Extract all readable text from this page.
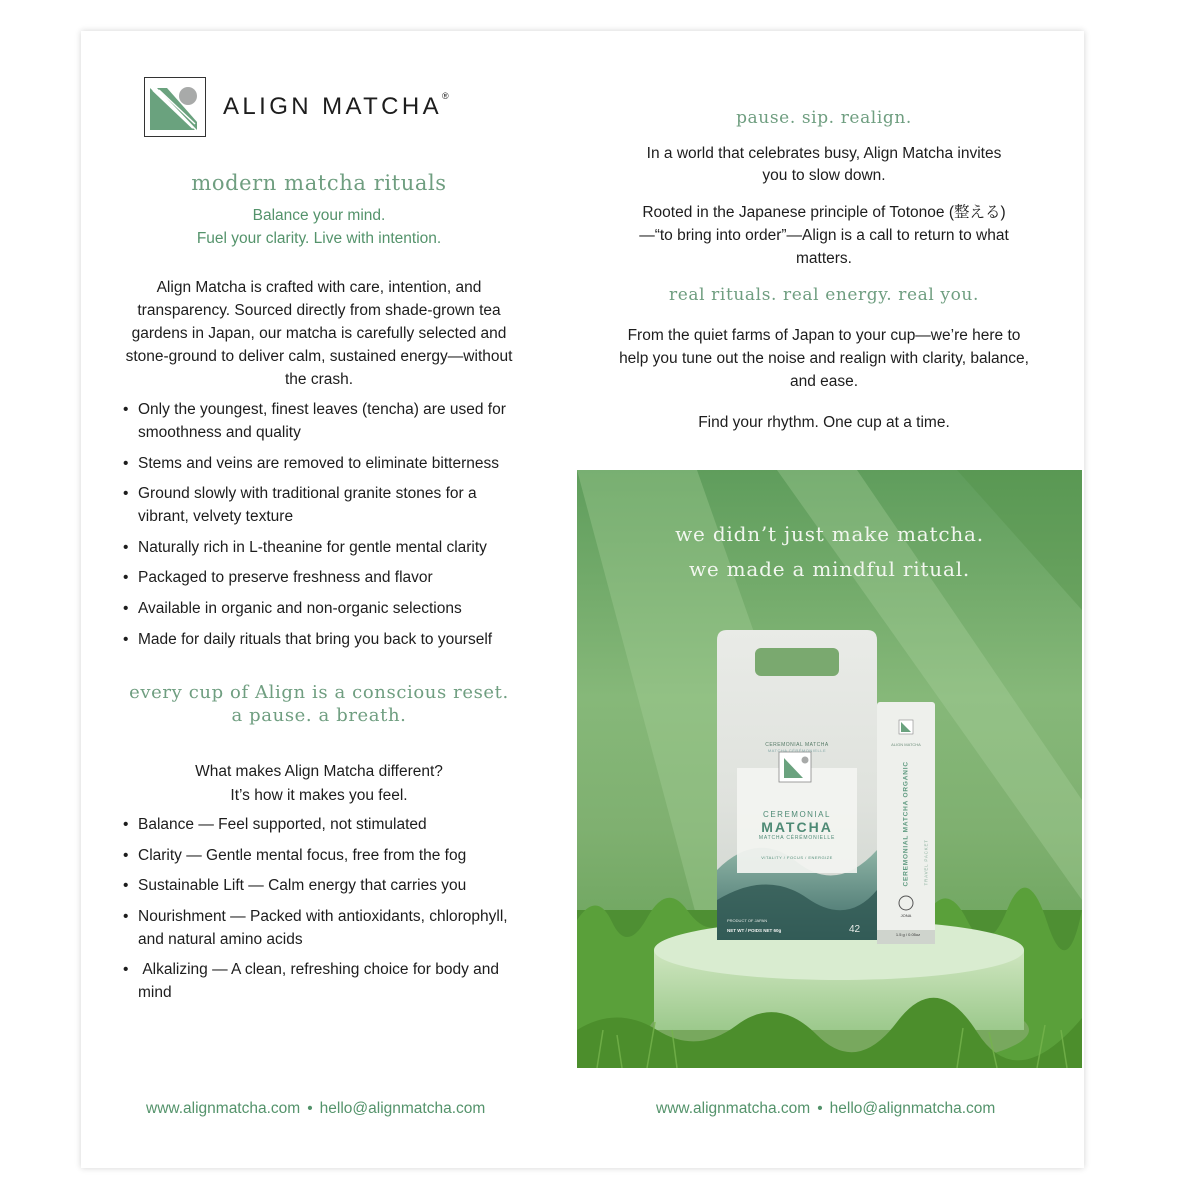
ALIGN MATCHA®
modern matcha rituals
Balance your mind.
Fuel your clarity. Live with intention.
Align Matcha is crafted with care, intention, and transparency. Sourced directly from shade-grown tea gardens in Japan, our matcha is carefully selected and stone-ground to deliver calm, sustained energy—without the crash.
• Only the youngest, finest leaves (tencha) are used for smoothness and quality
• Stems and veins are removed to eliminate bitterness
• Ground slowly with traditional granite stones for a vibrant, velvety texture
• Naturally rich in L-theanine for gentle mental clarity
• Packaged to preserve freshness and flavor
• Available in organic and non-organic selections
• Made for daily rituals that bring you back to yourself
every cup of Align is a conscious reset.
a pause. a breath.
What makes Align Matcha different?
It’s how it makes you feel.
• Balance — Feel supported, not stimulated
• Clarity — Gentle mental focus, free from the fog
• Sustainable Lift — Calm energy that carries you
• Nourishment — Packed with antioxidants, chlorophyll, and natural amino acids
•  Alkalizing — A clean, refreshing choice for body and mind
www.alignmatcha.com • hello@alignmatcha.com
pause. sip. realign.
In a world that celebrates busy, Align Matcha invites you to slow down.
Rooted in the Japanese principle of Totonoe (整える)—“to bring into order”—Align is a call to return to what matters.
real rituals. real energy. real you.
From the quiet farms of Japan to your cup—we’re here to help you tune out the noise and realign with clarity, balance, and ease.
Find your rhythm. One cup at a time.
CEREMONIAL MATCHA
MATCHA CÉRÉMONIELLE
CEREMONIAL
MATCHA
MATCHA CÉRÉMONIELLE
VITALITY / FOCUS / ENERGIZE
PRODUCT OF JAPAN
NET WT / POIDS NET 60g	42
ALIGN MATCHA
CEREMONIAL MATCHA ORGANIC	TRAVEL PACKET
JONA
1.5 g / 0.05oz
we didn’t just make matcha.
we made a mindful ritual.
www.alignmatcha.com • hello@alignmatcha.com
